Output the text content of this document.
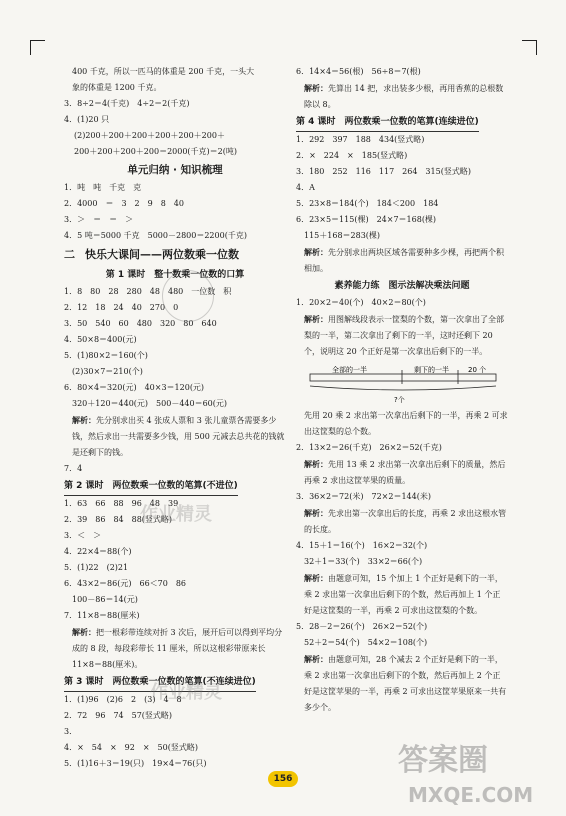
400 千克，所以一匹马的体重是 200 千克，一头大
象的体重是 1200 千克。
3．8÷2＝4(千克)　4÷2＝2(千克)
4．(1)20 只
(2)200＋200＋200＋200＋200＋200＋
200＋200＋200＋200＝2000(千克)＝2(吨)
单元归纳 · 知识梳理
1．吨　吨　千克　克
2．4000　＝　3　2　9　8　40
3．＞　＝　＝　＞
4．5 吨＝5000 千克　5000－2800＝2200(千克)
二 快乐大课间——两位数乘一位数
第 1 课时　整十数乘一位数的口算
1．8　80　28　280　48　480　一位数　积
2．12　18　24　40　270　0
3．50　540　60　480　320　80　640
4．50×8＝400(元)
5．(1)80×2＝160(个)
(2)30×7＝210(个)
6．80×4＝320(元)　40×3＝120(元)
320＋120＝440(元)　500－440＝60(元)
解析：先分别求出买 4 张成人票和 3 张儿童票各需要多少钱，然后求出一共需要多少钱，用 500 元减去总共花的钱就是还剩下的钱。
7．4
第 2 课时　两位数乘一位数的笔算(不进位)
1．63　66　88　96　48　39
2．39　86　84　88(竖式略)
3．＜　＞
4．22×4＝88(个)
5．(1)22　(2)21
6．43×2＝86(元)　66＜70　86
100－86＝14(元)
7．11×8＝88(厘米)
解析：把一根彩带连续对折 3 次后，展开后可以得到平均分成的 8 段，每段彩带长 11 厘米，所以这根彩带原来长 11×8＝88(厘米)。
第 3 课时　两位数乘一位数的笔算(不连续进位)
1．(1)96　(2)6　2　(3)　4　8
2．72　96　74　57(竖式略)
3．
4．×　54　×　92　×　50(竖式略)
5．(1)16＋3＝19(只)　19×4＝76(只)
6．14×4＝56(根)　56÷8＝7(根)
解析：先算出 14 把，求出装多少根，再用香蕉的总根数除以 8。
第 4 课时　两位数乘一位数的笔算(连续进位)
1．292　397　188　434(竖式略)
2．×　224　×　185(竖式略)
3．180　252　116　117　264　315(竖式略)
4．A
5．23×8＝184(个)　184＜200　184
6．23×5＝115(棵)　24×7＝168(棵)
115＋168＝283(棵)
解析：先分别求出两块区域各需要种多少棵，再把两个积相加。
素养能力练　图示法解决乘法问题
1．20×2＝40(个)　40×2＝80(个)
解析：用图解线段表示一筐梨的个数，第一次拿出了全部梨的一半，第二次拿出了剩下的一半，这时还剩下 20 个，说明这 20 个正好是第一次拿出后剩下的一半。
全部的一半	剩下的一半	20 个
?个
先用 20 乘 2 求出第一次拿出后剩下的一半，再乘 2 可求出这筐梨的总个数。
2．13×2＝26(千克)　26×2＝52(千克)
解析：先用 13 乘 2 求出第一次拿出后剩下的质量，然后再乘 2 求出这筐苹果的质量。
3．36×2＝72(米)　72×2＝144(米)
解析：先求出第一次拿出后的长度，再乘 2 求出这根水管的长度。
4．15＋1＝16(个)　16×2＝32(个)
32＋1＝33(个)　33×2＝66(个)
解析：由题意可知，15 个加上 1 个正好是剩下的一半，乘 2 求出第一次拿出后剩下的个数，然后再加上 1 个正好是这筐梨的一半，再乘 2 可求出这筐梨的个数。
5．28－2＝26(个)　26×2＝52(个)
52＋2＝54(个)　54×2＝108(个)
解析：由题意可知，28 个减去 2 个正好是剩下的一半，乘 2 求出第一次拿出后剩下的个数，然后再加上 2 个正好是这筐苹果的一半，再乘 2 可求出这筐苹果原来一共有多少个。
作业精灵
作业精灵
156
答案圈
MXQE.COM
